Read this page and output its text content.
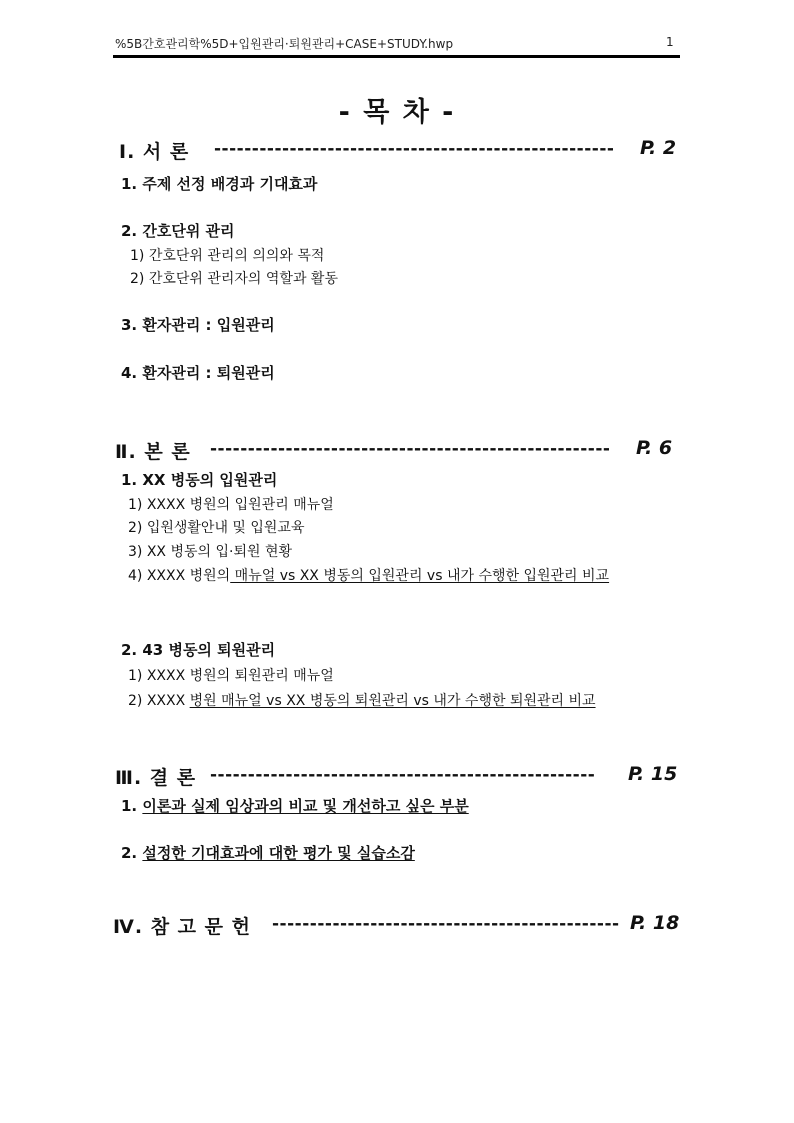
%5B간호관리학%5D+입원관리·퇴원관리+CASE+STUDY.hwp	1
- 목 차 -
Ⅰ. 서 론 ----------------------------------------------------- P. 2
1. 주제 선정 배경과 기대효과
2. 간호단위 관리
1) 간호단위 관리의 의의와 목적
2) 간호단위 관리자의 역할과 활동
3. 환자관리 : 입원관리
4. 환자관리 : 퇴원관리
Ⅱ. 본 론 ----------------------------------------------------- P. 6
1. XX 병동의 입원관리
1) XXXX 병원의 입원관리 매뉴얼
2) 입원생활안내 및 입원교육
3) XX 병동의 입·퇴원 현황
4) XXXX 병원의 매뉴얼 vs XX 병동의 입원관리 vs 내가 수행한 입원관리 비교
2. 43 병동의 퇴원관리
1) XXXX 병원의 퇴원관리 매뉴얼
2) XXXX 병원 매뉴얼 vs XX 병동의 퇴원관리 vs 내가 수행한 퇴원관리 비교
Ⅲ. 결 론 --------------------------------------------------- P. 15
1. 이론과 실제 임상과의 비교 및 개선하고 싶은 부분
2. 설정한 기대효과에 대한 평가 및 실습소감
Ⅳ. 참 고 문 헌 ---------------------------------------------- P. 18
